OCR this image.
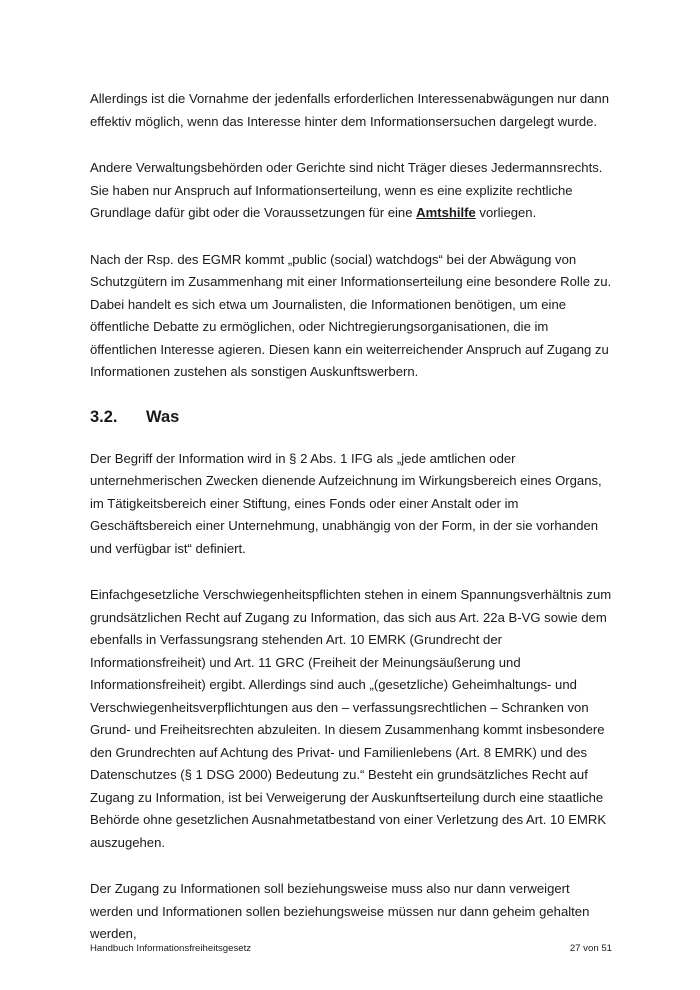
Allerdings ist die Vornahme der jedenfalls erforderlichen Interessenabwägungen nur dann effektiv möglich, wenn das Interesse hinter dem Informationsersuchen dargelegt wurde.

Andere Verwaltungsbehörden oder Gerichte sind nicht Träger dieses Jedermannsrechts. Sie haben nur Anspruch auf Informationserteilung, wenn es eine explizite rechtliche Grundlage dafür gibt oder die Voraussetzungen für eine Amtshilfe vorliegen.

Nach der Rsp. des EGMR kommt „public (social) watchdogs“ bei der Abwägung von Schutzgütern im Zusammenhang mit einer Informationserteilung eine besondere Rolle zu. Dabei handelt es sich etwa um Journalisten, die Informationen benötigen, um eine öffentliche Debatte zu ermöglichen, oder Nichtregierungsorganisationen, die im öffentlichen Interesse agieren. Diesen kann ein weiterreichender Anspruch auf Zugang zu Informationen zustehen als sonstigen Auskunftswerbern.

3.2.	Was

Der Begriff der Information wird in § 2 Abs. 1 IFG als „jede amtlichen oder unternehmerischen Zwecken dienende Aufzeichnung im Wirkungsbereich eines Organs, im Tätigkeitsbereich einer Stiftung, eines Fonds oder einer Anstalt oder im Geschäftsbereich einer Unternehmung, unabhängig von der Form, in der sie vorhanden und verfügbar ist“ definiert.

Einfachgesetzliche Verschwiegenheitspflichten stehen in einem Spannungsverhältnis zum grundsätzlichen Recht auf Zugang zu Information, das sich aus Art. 22a B-VG sowie dem ebenfalls in Verfassungsrang stehenden Art. 10 EMRK (Grundrecht der Informationsfreiheit) und Art. 11 GRC (Freiheit der Meinungsäußerung und Informationsfreiheit) ergibt. Allerdings sind auch „(gesetzliche) Geheimhaltungs- und Verschwiegenheitsverpflichtungen aus den – verfassungsrechtlichen – Schranken von Grund- und Freiheitsrechten abzuleiten. In diesem Zusammenhang kommt insbesondere den Grundrechten auf Achtung des Privat- und Familienlebens (Art. 8 EMRK) und des Datenschutzes (§ 1 DSG 2000) Bedeutung zu.“ Besteht ein grundsätzliches Recht auf Zugang zu Information, ist bei Verweigerung der Auskunftserteilung durch eine staatliche Behörde ohne gesetzlichen Ausnahmetatbestand von einer Verletzung des Art. 10 EMRK auszugehen.

Der Zugang zu Informationen soll beziehungsweise muss also nur dann verweigert werden und Informationen sollen beziehungsweise müssen nur dann geheim gehalten werden,

Handbuch Informationsfreiheitsgesetz	27 von 51
